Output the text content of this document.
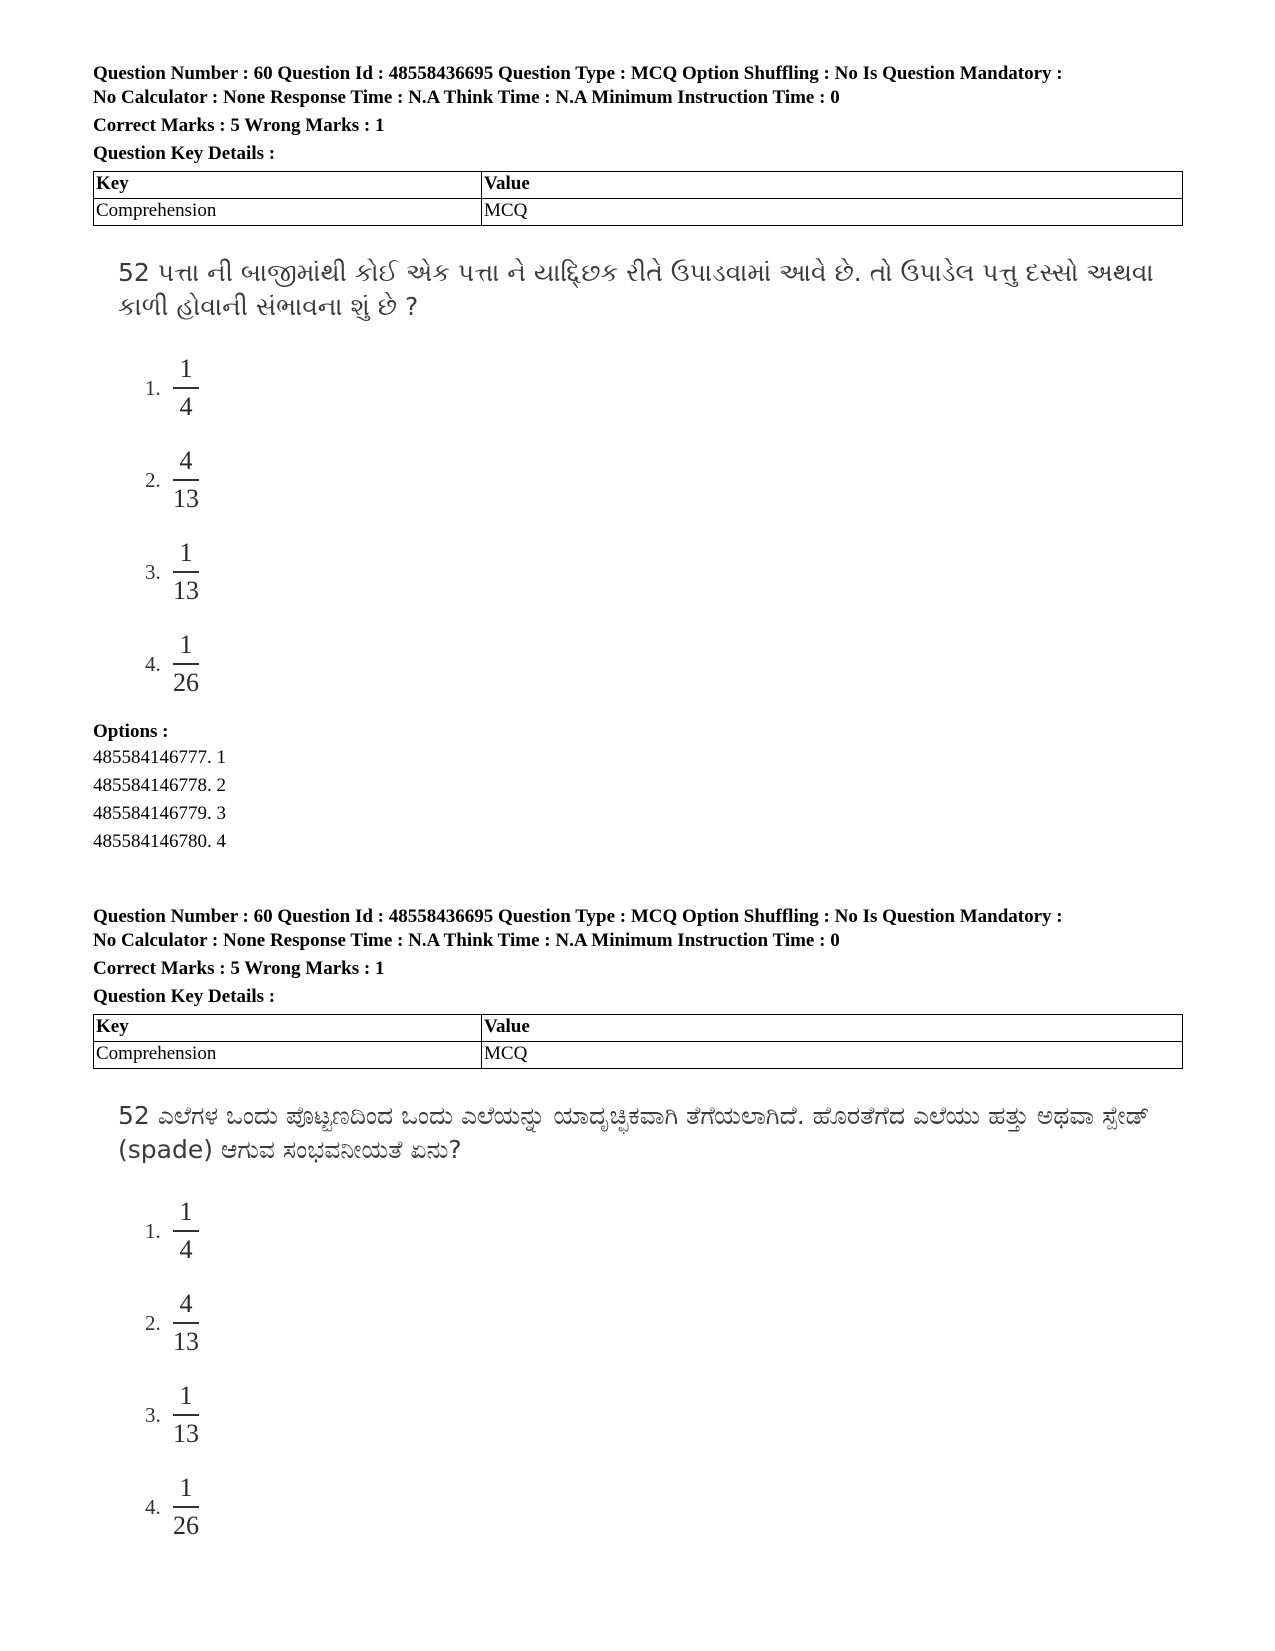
Question Number : 60 Question Id : 48558436695 Question Type : MCQ Option Shuffling : No Is Question Mandatory :
No Calculator : None Response Time : N.A Think Time : N.A Minimum Instruction Time : 0
Correct Marks : 5 Wrong Marks : 1
Question Key Details :
Key	Value
Comprehension	MCQ
52 પત્તા ની બાજીમાંથી કોઈ એક પત્તા ને યાદ્દ્છિક રીતે ઉપાડવામાં આવે છે. તો ઉપાડેલ પત્તુ દસ્સો અથવા કાળી હોવાની સંભાવના શું છે ?
1. $\frac{1}{4}$
2. $\frac{4}{13}$
3. $\frac{1}{13}$
4. $\frac{1}{26}$
Options :
485584146777. 1
485584146778. 2
485584146779. 3
485584146780. 4
Question Number : 60 Question Id : 48558436695 Question Type : MCQ Option Shuffling : No Is Question Mandatory :
No Calculator : None Response Time : N.A Think Time : N.A Minimum Instruction Time : 0
Correct Marks : 5 Wrong Marks : 1
Question Key Details :
Key	Value
Comprehension	MCQ
52 ಎಲೆಗಳ ಒಂದು ಪೊಟ್ಟಣದಿಂದ ಒಂದು ಎಲೆಯನ್ನು ಯಾದೃಚ್ಛಿಕವಾಗಿ ತೆಗೆಯಲಾಗಿದೆ. ಹೊರತೆಗೆದ ಎಲೆಯು ಹತ್ತು ಅಥವಾ ಸ್ಪೇಡ್ (spade) ಆಗುವ ಸಂಭವನೀಯತೆ ಏನು?
1. $\frac{1}{4}$
2. $\frac{4}{13}$
3. $\frac{1}{13}$
4. $\frac{1}{26}$
